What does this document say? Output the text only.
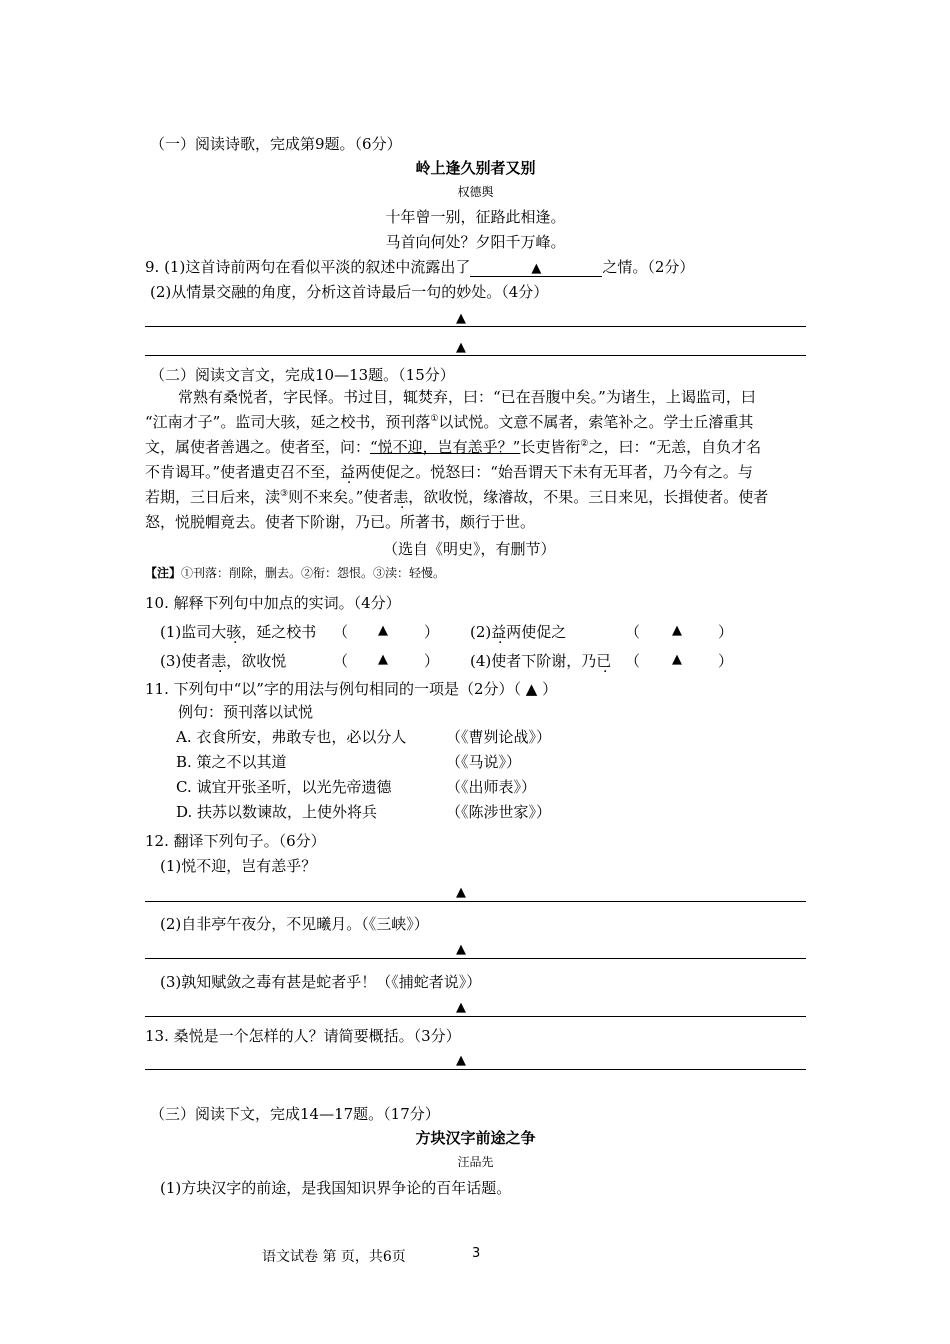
（一）阅读诗歌，完成第9题。（6分）
岭上逢久别者又别
权德舆
十年曾一别，征路此相逢。
马首向何处？夕阳千万峰。
9. (1)这首诗前两句在看似平淡的叙述中流露出了	▲	之情。（2分）
(2)从情景交融的角度，分析这首诗最后一句的妙处。（4分）
▲
▲
（二）阅读文言文，完成10—13题。（15分）
常熟有桑悦者，字民怿。书过目，辄焚弃，曰：“已在吾腹中矣。”为诸生，上谒监司，曰
“江南才子”。监司大骇，延之校书，预刊落①以试悦。文意不属者，索笔补之。学士丘濬重其
文，属使者善遇之。使者至，问：“悦不迎，岂有恙乎？”长吏皆衔②之，曰：“无恙，自负才名
不肯谒耳。”使者遣吏召不至，益两使促之。悦怒曰：“始吾谓天下未有无耳者，乃今有之。与
若期，三日后来，渎③则不来矣。”使者恚，欲收悦，缘濬故，不果。三日来见，长揖使者。使者
怒，悦脱帽竟去。使者下阶谢，乃已。所著书，颇行于世。
（选自《明史》，有删节）
【注】①刊落：削除，删去。②衔：怨恨。③渎：轻慢。
10. 解释下列句中加点的实词。（4分）
(1)监司大骇，延之校书 （ ▲ ） (2)益两使促之	（ ▲ ）
(3)使者恚，欲收悦	（ ▲ ） (4)使者下阶谢，乃已 （ ▲ ）
11. 下列句中“以”字的用法与例句相同的一项是（2分）（ ▲ ）
例句：预刊落以试悦
A. 衣食所安，弗敢专也，必以分人	（《曹刿论战》）
B. 策之不以其道	（《马说》）
C. 诚宜开张圣听，以光先帝遗德	（《出师表》）
D. 扶苏以数谏故，上使外将兵	（《陈涉世家》）
12. 翻译下列句子。（6分）
(1)悦不迎，岂有恙乎？
▲
(2)自非亭午夜分，不见曦月。（《三峡》）
▲
(3)孰知赋敛之毒有甚是蛇者乎！（《捕蛇者说》）
▲
13. 桑悦是一个怎样的人？请简要概括。（3分）
▲
（三）阅读下文，完成14—17题。（17分）
方块汉字前途之争
汪品先
(1)方块汉字的前途，是我国知识界争论的百年话题。
语文试卷 第 页，共6页	3
